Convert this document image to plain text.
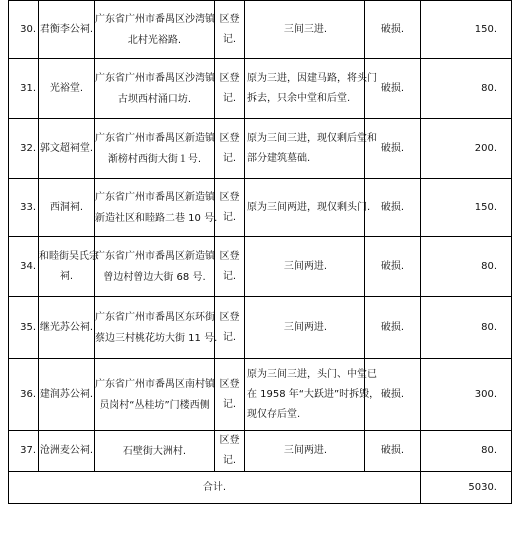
30.	君衡李公祠.	广东省广州市番禺区沙湾镇
北村光裕路.	区登记.	三间三进.	破损.	150.
31.	光裕堂.	广东省广州市番禺区沙湾镇
古坝西村涌口坊.	区登记.	原为三进，因建马路，将头门
拆去，只余中堂和后堂.	破损.	80.
32.	郭文超祠堂.	广东省广州市番禺区新造镇
渐榜村西街大街１号.	区登记.	原为三间三进，现仅剩后堂和
部分建筑墓础.	破损.	200.
33.	西洞祠.	广东省广州市番禺区新造镇
新造社区和睦路二巷 10 号.	区登记.	原为三间两进，现仅剩头门.	破损.	150.
34.	和睦街吴氏宗
祠.	广东省广州市番禺区新造镇
曾边村曾边大街 68 号.	区登记.	三间两进.	破损.	80.
35.	继光苏公祠.	广东省广州市番禺区东环街
蔡边三村桃花坊大街 11 号.	区登记.	三间两进.	破损.	80.
36.	建润苏公祠.	广东省广州市番禺区南村镇
员岗村“丛桂坊”门楼西侧	区登记.	原为三间三进，头门、中堂已
在 1958 年“大跃进”时拆毁，
现仅存后堂.	破损.	300.
37.	沧洲麦公祠.	石壁街大洲村.	区登记.	三间两进.	破损.	80.
合计.						5030.
